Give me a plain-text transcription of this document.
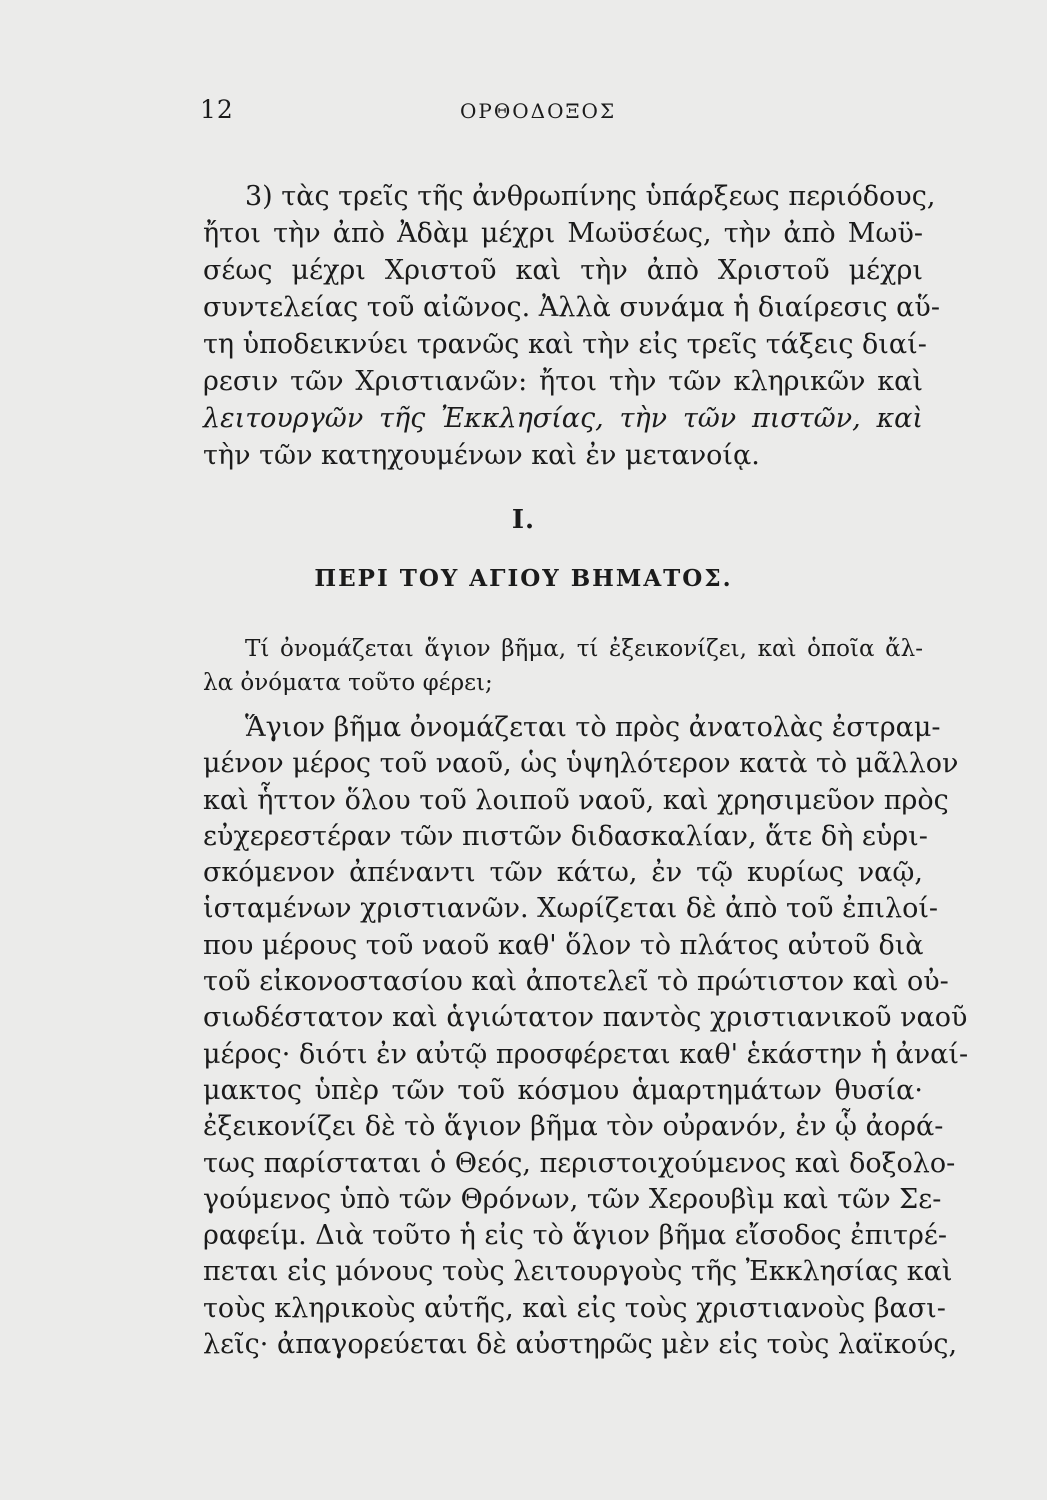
12	ΟΡΘΟΔΟΞΟΣ
3) τὰς τρεῖς τῆς ἀνθρωπίνης ὑπάρξεως περιόδους,
ἤτοι τὴν ἀπὸ Ἀδὰμ μέχρι Μωϋσέως, τὴν ἀπὸ Μωϋ-
σέως μέχρι Χριστοῦ καὶ τὴν ἀπὸ Χριστοῦ μέχρι
συντελείας τοῦ αἰῶνος. Ἀλλὰ συνάμα ἡ διαίρεσις αὕ-
τη ὑποδεικνύει τρανῶς καὶ τὴν εἰς τρεῖς τάξεις διαί-
ρεσιν τῶν Χριστιανῶν: ἤτοι τὴν τῶν κληρικῶν καὶ
λειτουργῶν τῆς Ἐκκλησίας, τὴν τῶν πιστῶν, καὶ
τὴν τῶν κατηχουμένων καὶ ἐν μετανοίᾳ.
Ι.
ΠΕΡΙ ΤΟΥ ΑΓΙΟΥ ΒΗΜΑΤΟΣ.
Τί ὀνομάζεται ἅγιον βῆμα, τί ἐξεικονίζει, καὶ ὁποῖα ἄλ-
λα ὀνόματα τοῦτο φέρει;
Ἅγιον βῆμα ὀνομάζεται τὸ πρὸς ἀνατολὰς ἐστραμ-
μένον μέρος τοῦ ναοῦ, ὡς ὑψηλότερον κατὰ τὸ μᾶλλον
καὶ ἧττον ὅλου τοῦ λοιποῦ ναοῦ, καὶ χρησιμεῦον πρὸς
εὐχερεστέραν τῶν πιστῶν διδασκαλίαν, ἅτε δὴ εὑρι-
σκόμενον ἀπέναντι τῶν κάτω, ἐν τῷ κυρίως ναῷ,
ἱσταμένων χριστιανῶν. Χωρίζεται δὲ ἀπὸ τοῦ ἐπιλοί-
που μέρους τοῦ ναοῦ καθ' ὅλον τὸ πλάτος αὐτοῦ διὰ
τοῦ εἰκονοστασίου καὶ ἀποτελεῖ τὸ πρώτιστον καὶ οὐ-
σιωδέστατον καὶ ἁγιώτατον παντὸς χριστιανικοῦ ναοῦ
μέρος· διότι ἐν αὐτῷ προσφέρεται καθ' ἑκάστην ἡ ἀναί-
μακτος ὑπὲρ τῶν τοῦ κόσμου ἁμαρτημάτων θυσία·
ἐξεικονίζει δὲ τὸ ἅγιον βῆμα τὸν οὐρανόν, ἐν ᾧ ἀορά-
τως παρίσταται ὁ Θεός, περιστοιχούμενος καὶ δοξολο-
γούμενος ὑπὸ τῶν Θρόνων, τῶν Χερουβὶμ καὶ τῶν Σε-
ραφείμ. Διὰ τοῦτο ἡ εἰς τὸ ἅγιον βῆμα εἴσοδος ἐπιτρέ-
πεται εἰς μόνους τοὺς λειτουργοὺς τῆς Ἐκκλησίας καὶ
τοὺς κληρικοὺς αὐτῆς, καὶ εἰς τοὺς χριστιανοὺς βασι-
λεῖς· ἀπαγορεύεται δὲ αὐστηρῶς μὲν εἰς τοὺς λαϊκούς,
